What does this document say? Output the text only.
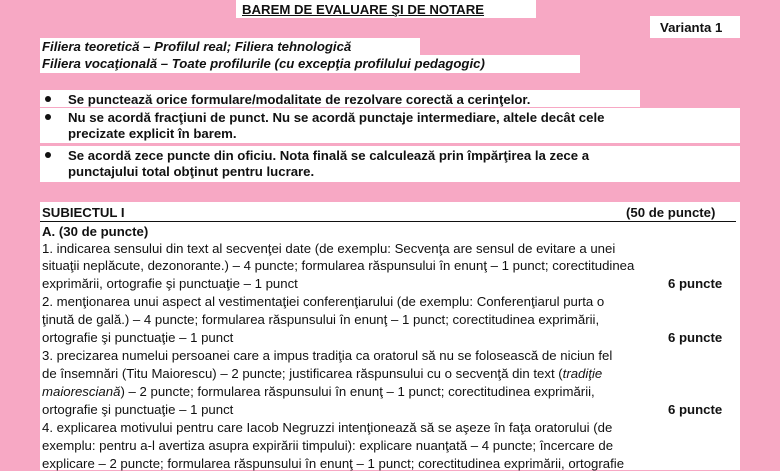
BAREM DE EVALUARE ŞI DE NOTARE
Varianta 1
Filiera teoretică – Profilul real; Filiera tehnologică
Filiera vocaţională – Toate profilurile (cu excepţia profilului pedagogic)
Se punctează orice formulare/modalitate de rezolvare corectă a cerinţelor.
Nu se acordă fracţiuni de punct. Nu se acordă punctaje intermediare, altele decât cele
precizate explicit în barem.
Se acordă zece puncte din oficiu. Nota finală se calculează prin împărţirea la zece a
punctajului total obţinut pentru lucrare.
SUBIECTUL I	(50 de puncte)
A. (30 de puncte)
1. indicarea sensului din text al secvenţei date (de exemplu: Secvenţa are sensul de evitare a unei
situaţii neplăcute, dezonorante.) – 4 puncte; formularea răspunsului în enunţ – 1 punct; corectitudinea
exprimării, ortografie şi punctuaţie – 1 punct	6 puncte
2. menţionarea unui aspect al vestimentaţiei conferenţiarului (de exemplu: Conferenţiarul purta o
ţinută de gală.) – 4 puncte; formularea răspunsului în enunţ – 1 punct; corectitudinea exprimării,
ortografie şi punctuaţie – 1 punct	6 puncte
3. precizarea numelui persoanei care a impus tradiţia ca oratorul să nu se folosească de niciun fel
de însemnări (Titu Maiorescu) – 2 puncte; justificarea răspunsului cu o secvenţă din text (tradiţie
maioresciană) – 2 puncte; formularea răspunsului în enunţ – 1 punct; corectitudinea exprimării,
ortografie şi punctuaţie – 1 punct	6 puncte
4. explicarea motivului pentru care Iacob Negruzzi intenţionează să se aşeze în faţa oratorului (de
exemplu: pentru a-l avertiza asupra expirării timpului): explicare nuanţată – 4 puncte; încercare de
explicare – 2 puncte; formularea răspunsului în enunţ – 1 punct; corectitudinea exprimării, ortografie
